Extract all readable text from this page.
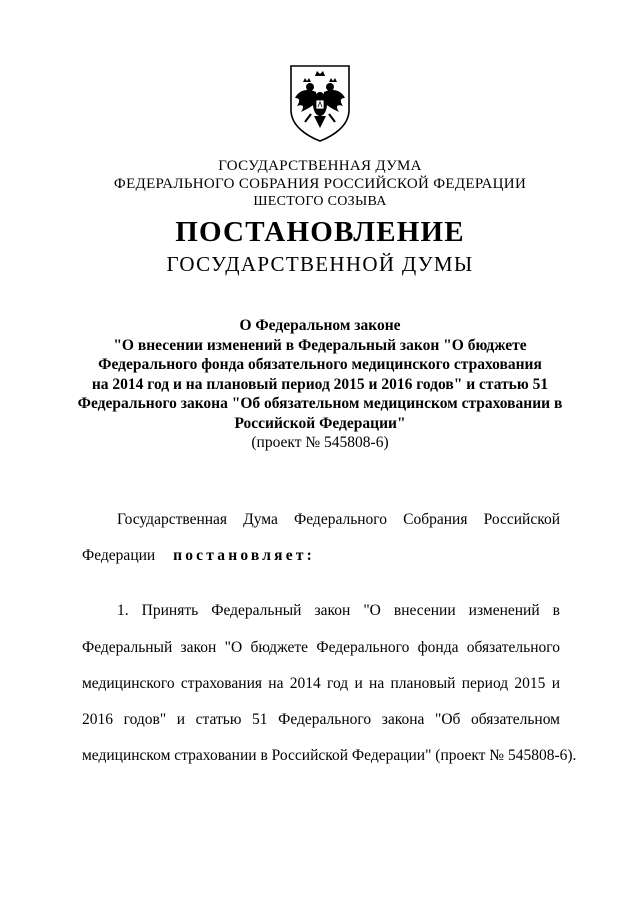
ГОСУДАРСТВЕННАЯ ДУМА
ФЕДЕРАЛЬНОГО СОБРАНИЯ РОССИЙСКОЙ ФЕДЕРАЦИИ
ШЕСТОГО СОЗЫВА
ПОСТАНОВЛЕНИЕ
ГОСУДАРСТВЕННОЙ ДУМЫ
О Федеральном законе
"О внесении изменений в Федеральный закон "О бюджете
Федерального фонда обязательного медицинского страхования
на 2014 год и на плановый период 2015 и 2016 годов" и статью 51
Федерального закона "Об обязательном медицинском страховании в
Российской Федерации"
(проект № 545808-6)
Государственная Дума Федерального Собрания Российской
Федерации постановляет:
1. Принять Федеральный закон "О внесении изменений в
Федеральный закон "О бюджете Федерального фонда обязательного
медицинского страхования на 2014 год и на плановый период 2015 и
2016 годов" и статью 51 Федерального закона "Об обязательном
медицинском страховании в Российской Федерации" (проект № 545808-6).
